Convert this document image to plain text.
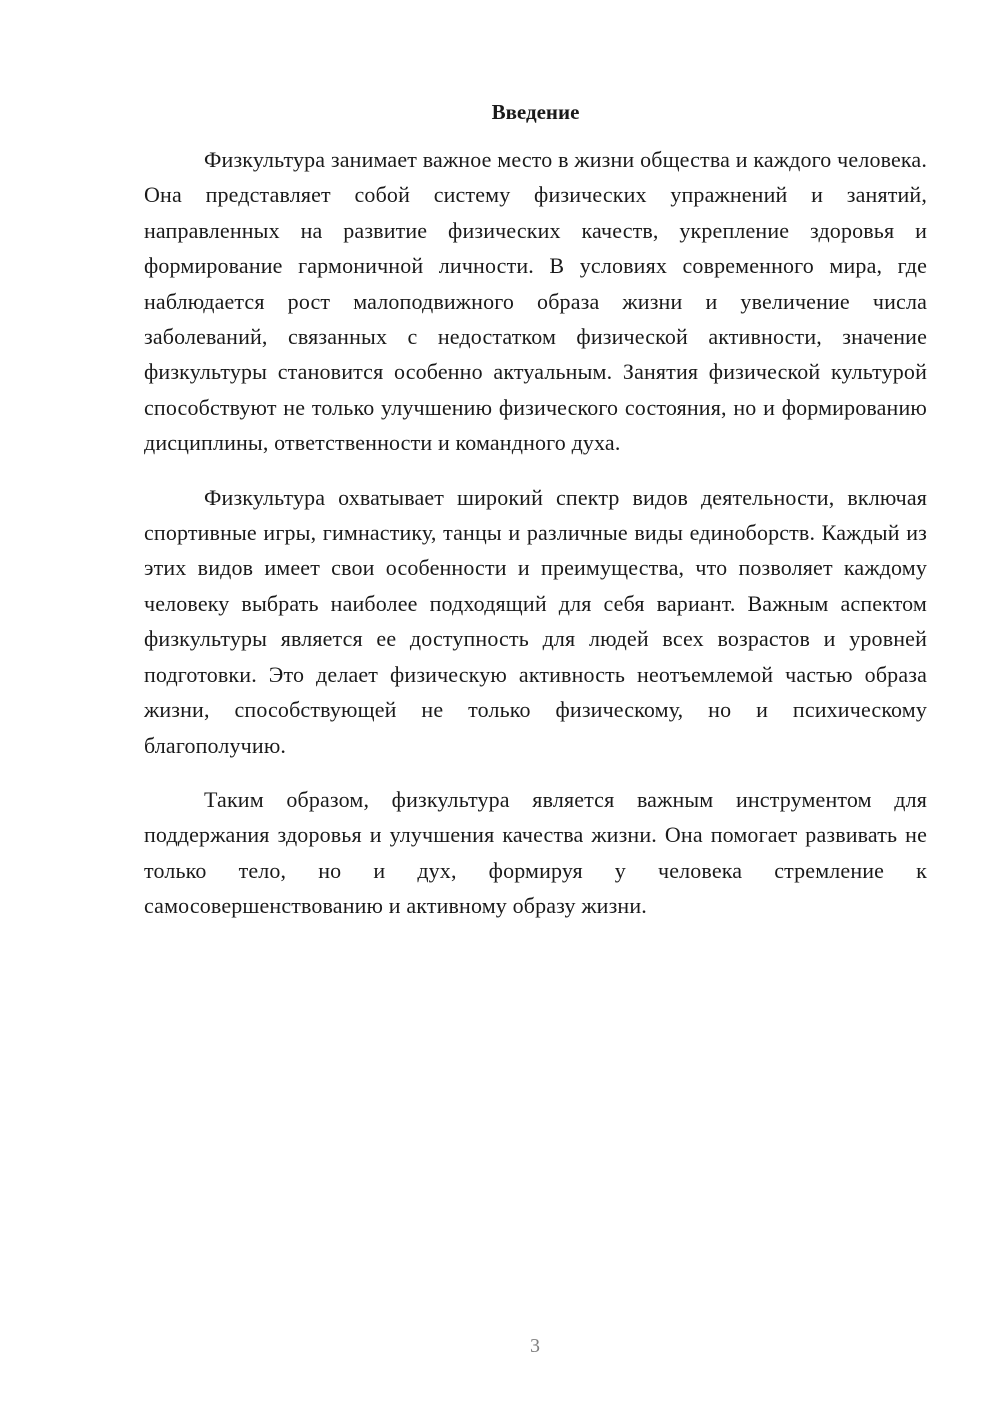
Введение

Физкультура занимает важное место в жизни общества и каждого человека. Она представляет собой систему физических упражнений и занятий, направленных на развитие физических качеств, укрепление здоровья и формирование гармоничной личности. В условиях современного мира, где наблюдается рост малоподвижного образа жизни и увеличение числа заболеваний, связанных с недостатком физической активности, значение физкультуры становится особенно актуальным. Занятия физической культурой способствуют не только улучшению физического состояния, но и формированию дисциплины, ответственности и командного духа.

Физкультура охватывает широкий спектр видов деятельности, включая спортивные игры, гимнастику, танцы и различные виды единоборств. Каждый из этих видов имеет свои особенности и преимущества, что позволяет каждому человеку выбрать наиболее подходящий для себя вариант. Важным аспектом физкультуры является ее доступность для людей всех возрастов и уровней подготовки. Это делает физическую активность неотъемлемой частью образа жизни, способствующей не только физическому, но и психическому благополучию.

Таким образом, физкультура является важным инструментом для поддержания здоровья и улучшения качества жизни. Она помогает развивать не только тело, но и дух, формируя у человека стремление к самосовершенствованию и активному образу жизни.

3
